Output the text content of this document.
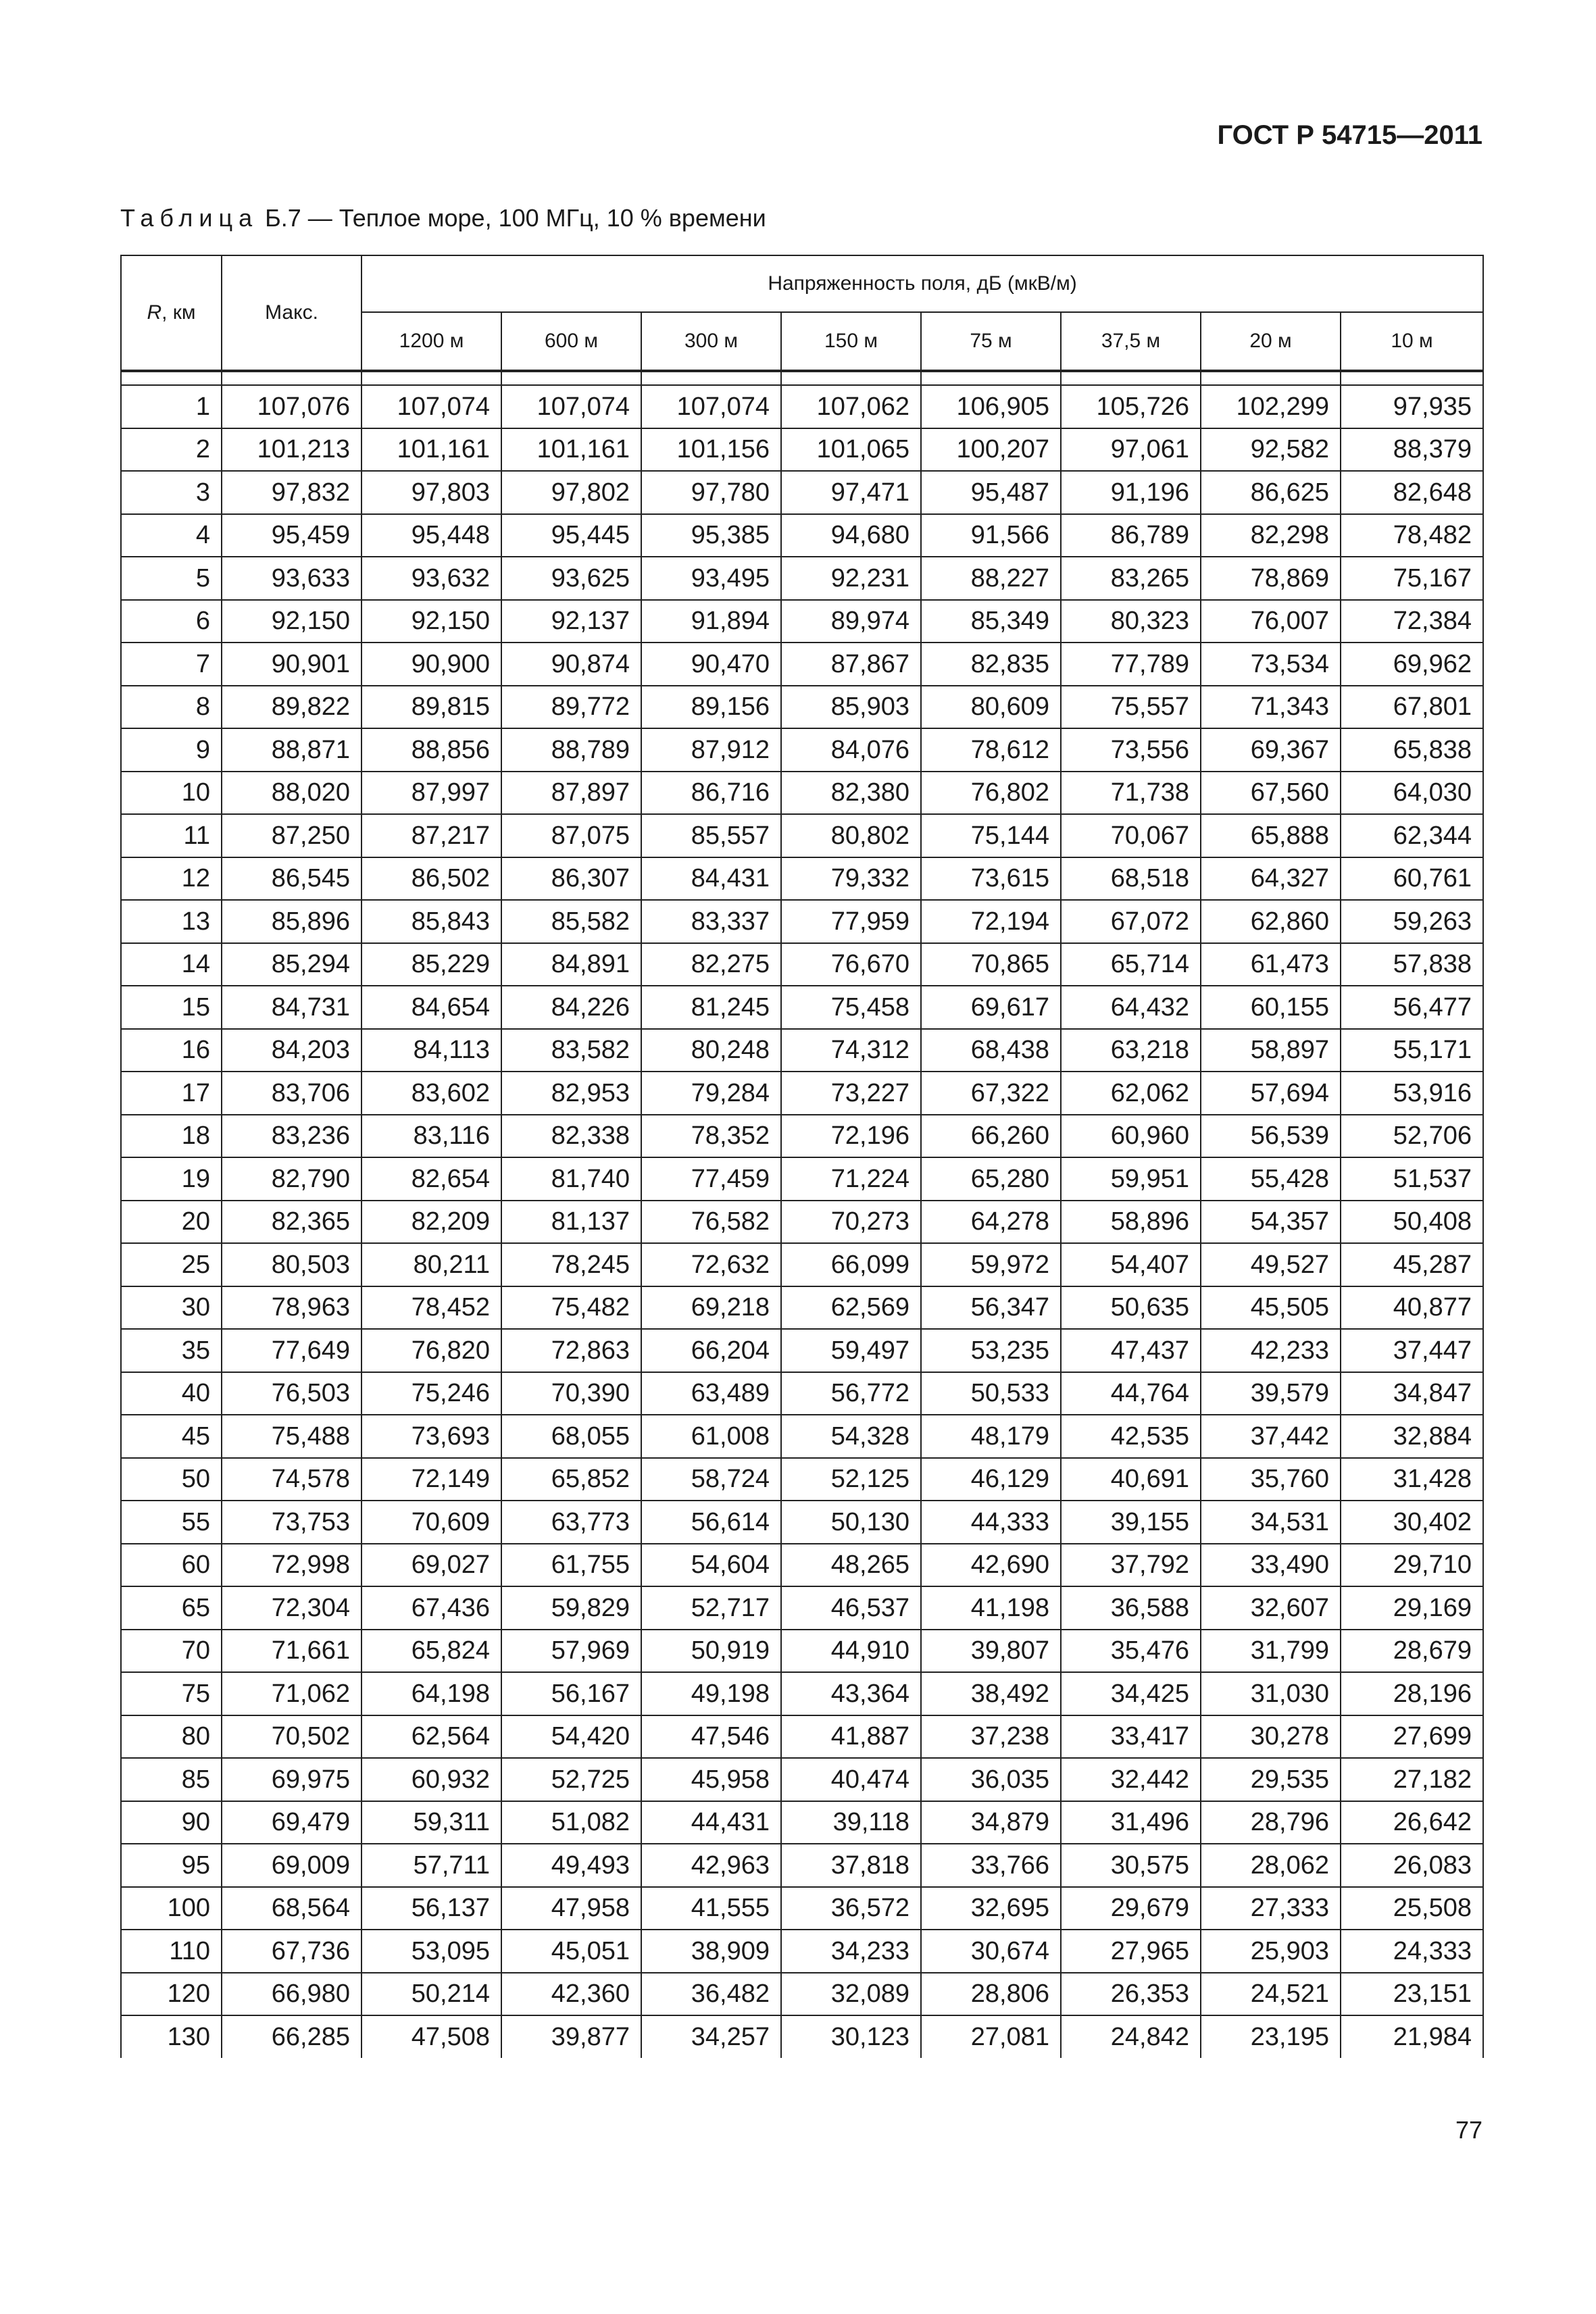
ГОСТ Р 54715—2011
Таблица Б.7 — Теплое море, 100 МГц, 10 % времени
R, км	Макс.	Напряженность поля, дБ (мкВ/м)							
		1200 м	600 м	300 м	150 м	75 м	37,5 м	20 м	10 м

1	107,076	107,074	107,074	107,074	107,062	106,905	105,726	102,299	97,935
2	101,213	101,161	101,161	101,156	101,065	100,207	97,061	92,582	88,379
3	97,832	97,803	97,802	97,780	97,471	95,487	91,196	86,625	82,648
4	95,459	95,448	95,445	95,385	94,680	91,566	86,789	82,298	78,482
5	93,633	93,632	93,625	93,495	92,231	88,227	83,265	78,869	75,167
6	92,150	92,150	92,137	91,894	89,974	85,349	80,323	76,007	72,384
7	90,901	90,900	90,874	90,470	87,867	82,835	77,789	73,534	69,962
8	89,822	89,815	89,772	89,156	85,903	80,609	75,557	71,343	67,801
9	88,871	88,856	88,789	87,912	84,076	78,612	73,556	69,367	65,838
10	88,020	87,997	87,897	86,716	82,380	76,802	71,738	67,560	64,030
11	87,250	87,217	87,075	85,557	80,802	75,144	70,067	65,888	62,344
12	86,545	86,502	86,307	84,431	79,332	73,615	68,518	64,327	60,761
13	85,896	85,843	85,582	83,337	77,959	72,194	67,072	62,860	59,263
14	85,294	85,229	84,891	82,275	76,670	70,865	65,714	61,473	57,838
15	84,731	84,654	84,226	81,245	75,458	69,617	64,432	60,155	56,477
16	84,203	84,113	83,582	80,248	74,312	68,438	63,218	58,897	55,171
17	83,706	83,602	82,953	79,284	73,227	67,322	62,062	57,694	53,916
18	83,236	83,116	82,338	78,352	72,196	66,260	60,960	56,539	52,706
19	82,790	82,654	81,740	77,459	71,224	65,280	59,951	55,428	51,537
20	82,365	82,209	81,137	76,582	70,273	64,278	58,896	54,357	50,408
25	80,503	80,211	78,245	72,632	66,099	59,972	54,407	49,527	45,287
30	78,963	78,452	75,482	69,218	62,569	56,347	50,635	45,505	40,877
35	77,649	76,820	72,863	66,204	59,497	53,235	47,437	42,233	37,447
40	76,503	75,246	70,390	63,489	56,772	50,533	44,764	39,579	34,847
45	75,488	73,693	68,055	61,008	54,328	48,179	42,535	37,442	32,884
50	74,578	72,149	65,852	58,724	52,125	46,129	40,691	35,760	31,428
55	73,753	70,609	63,773	56,614	50,130	44,333	39,155	34,531	30,402
60	72,998	69,027	61,755	54,604	48,265	42,690	37,792	33,490	29,710
65	72,304	67,436	59,829	52,717	46,537	41,198	36,588	32,607	29,169
70	71,661	65,824	57,969	50,919	44,910	39,807	35,476	31,799	28,679
75	71,062	64,198	56,167	49,198	43,364	38,492	34,425	31,030	28,196
80	70,502	62,564	54,420	47,546	41,887	37,238	33,417	30,278	27,699
85	69,975	60,932	52,725	45,958	40,474	36,035	32,442	29,535	27,182
90	69,479	59,311	51,082	44,431	39,118	34,879	31,496	28,796	26,642
95	69,009	57,711	49,493	42,963	37,818	33,766	30,575	28,062	26,083
100	68,564	56,137	47,958	41,555	36,572	32,695	29,679	27,333	25,508
110	67,736	53,095	45,051	38,909	34,233	30,674	27,965	25,903	24,333
120	66,980	50,214	42,360	36,482	32,089	28,806	26,353	24,521	23,151
130	66,285	47,508	39,877	34,257	30,123	27,081	24,842	23,195	21,984
77
